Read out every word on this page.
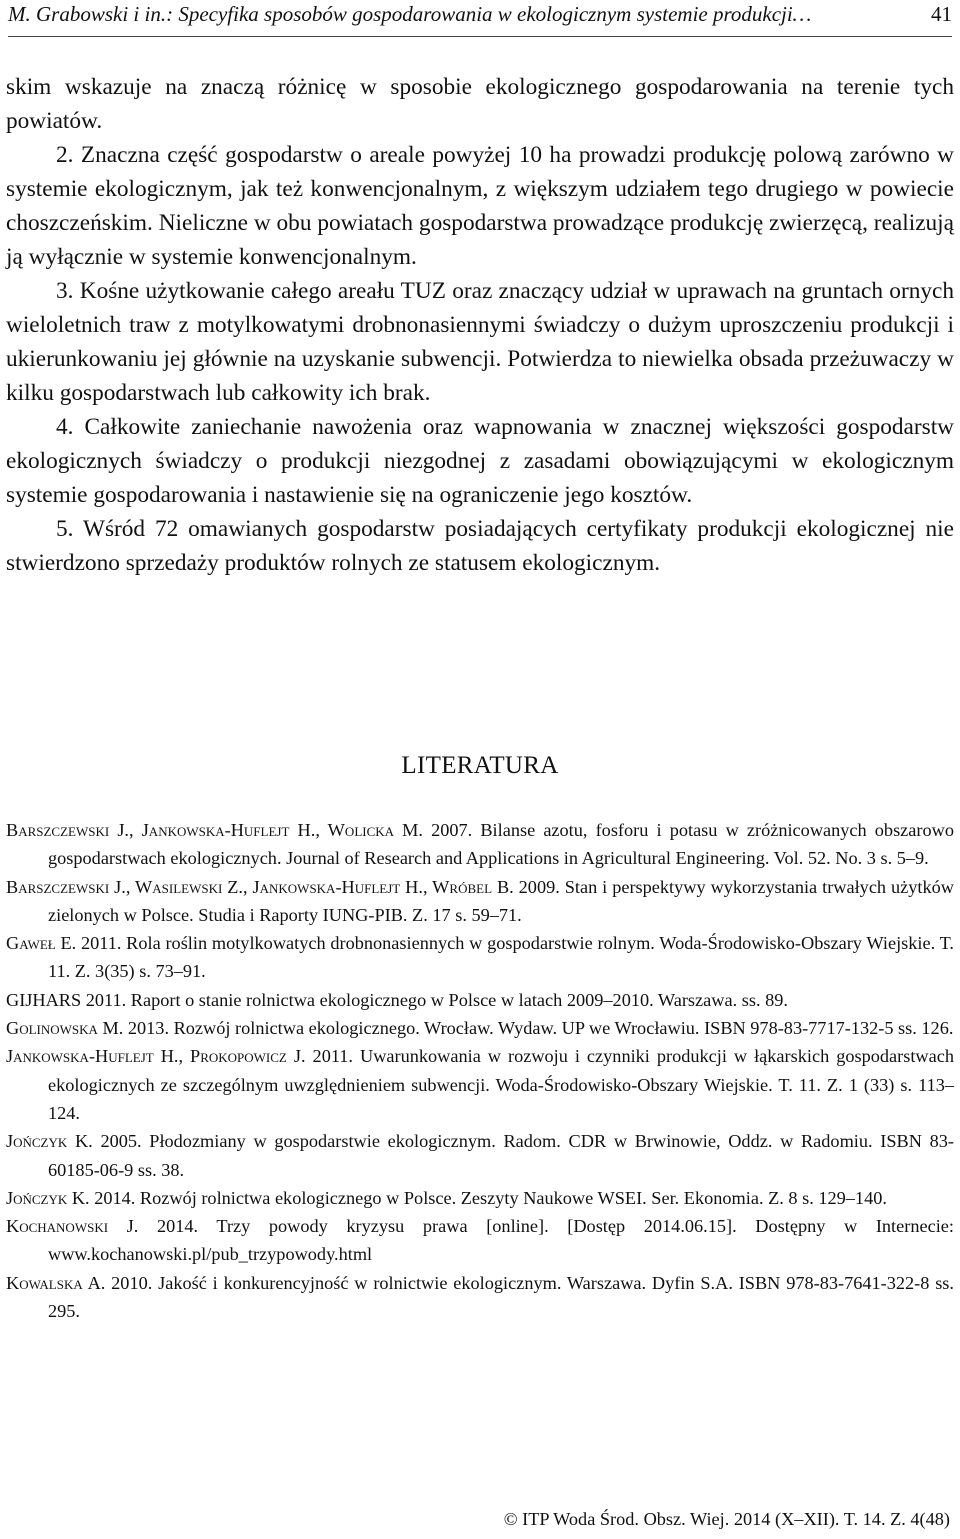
M. Grabowski i in.: Specyfika sposobów gospodarowania w ekologicznym systemie produkcji…	41

skim wskazuje na znaczą różnicę w sposobie ekologicznego gospodarowania na terenie tych powiatów.

2. Znaczna część gospodarstw o areale powyżej 10 ha prowadzi produkcję polową zarówno w systemie ekologicznym, jak też konwencjonalnym, z większym udziałem tego drugiego w powiecie choszczeńskim. Nieliczne w obu powiatach gospodarstwa prowadzące produkcję zwierzęcą, realizują ją wyłącznie w systemie konwencjonalnym.

3. Kośne użytkowanie całego areału TUZ oraz znaczący udział w uprawach na gruntach ornych wieloletnich traw z motylkowatymi drobnonasiennymi świadczy o dużym uproszczeniu produkcji i ukierunkowaniu jej głównie na uzyskanie subwencji. Potwierdza to niewielka obsada przeżuwaczy w kilku gospodarstwach lub całkowity ich brak.

4. Całkowite zaniechanie nawożenia oraz wapnowania w znacznej większości gospodarstw ekologicznych świadczy o produkcji niezgodnej z zasadami obowiązującymi w ekologicznym systemie gospodarowania i nastawienie się na ograniczenie jego kosztów.

5. Wśród 72 omawianych gospodarstw posiadających certyfikaty produkcji ekologicznej nie stwierdzono sprzedaży produktów rolnych ze statusem ekologicznym.

LITERATURA

Barszczewski J., Jankowska-Huflejt H., Wolicka M. 2007. Bilanse azotu, fosforu i potasu w zróżnicowanych obszarowo gospodarstwach ekologicznych. Journal of Research and Applications in Agricultural Engineering. Vol. 52. No. 3 s. 5–9.

Barszczewski J., Wasilewski Z., Jankowska-Huflejt H., Wróbel B. 2009. Stan i perspektywy wykorzystania trwałych użytków zielonych w Polsce. Studia i Raporty IUNG-PIB. Z. 17 s. 59–71.

Gaweł E. 2011. Rola roślin motylkowatych drobnonasiennych w gospodarstwie rolnym. Woda-Środowisko-Obszary Wiejskie. T. 11. Z. 3(35) s. 73–91.

GIJHARS 2011. Raport o stanie rolnictwa ekologicznego w Polsce w latach 2009–2010. Warszawa. ss. 89.

Golinowska M. 2013. Rozwój rolnictwa ekologicznego. Wrocław. Wydaw. UP we Wrocławiu. ISBN 978-83-7717-132-5 ss. 126.

Jankowska-Huflejt H., Prokopowicz J. 2011. Uwarunkowania w rozwoju i czynniki produkcji w łąkarskich gospodarstwach ekologicznych ze szczególnym uwzględnieniem subwencji. Woda-Środowisko-Obszary Wiejskie. T. 11. Z. 1 (33) s. 113–124.

Jończyk K. 2005. Płodozmiany w gospodarstwie ekologicznym. Radom. CDR w Brwinowie, Oddz. w Radomiu. ISBN 83-60185-06-9 ss. 38.

Jończyk K. 2014. Rozwój rolnictwa ekologicznego w Polsce. Zeszyty Naukowe WSEI. Ser. Ekonomia. Z. 8 s. 129–140.

Kochanowski J. 2014. Trzy powody kryzysu prawa [online]. [Dostęp 2014.06.15]. Dostępny w Internecie: www.kochanowski.pl/pub_trzypowody.html

Kowalska A. 2010. Jakość i konkurencyjność w rolnictwie ekologicznym. Warszawa. Dyfin S.A. ISBN 978-83-7641-322-8 ss. 295.

© ITP Woda Środ. Obsz. Wiej. 2014 (X–XII). T. 14. Z. 4(48)
